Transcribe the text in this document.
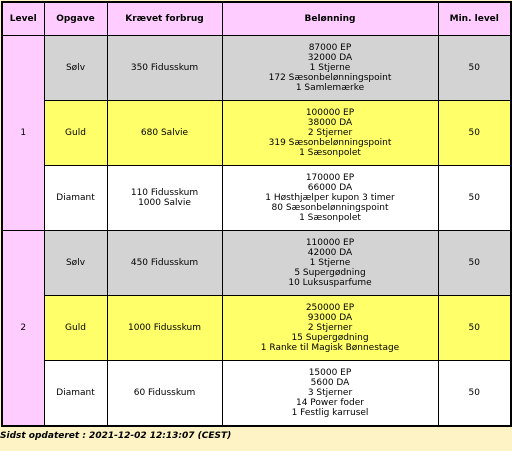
Level	Opgave	Krævet forbrug	Belønning	Min. level
1	Sølv	350 Fidusskum	87000 EP
32000 DA
1 Stjerne
172 Sæsonbelønningspoint
1 Samlemærke	50
	Guld	680 Salvie	100000 EP
38000 DA
2 Stjerner
319 Sæsonbelønningspoint
1 Sæsonpolet	50
	Diamant	110 Fidusskum
1000 Salvie	170000 EP
66000 DA
1 Høsthjælper kupon 3 timer
80 Sæsonbelønningspoint
1 Sæsonpolet	50
2	Sølv	450 Fidusskum	110000 EP
42000 DA
1 Stjerne
5 Supergødning
10 Luksusparfume	50
	Guld	1000 Fidusskum	250000 EP
93000 DA
2 Stjerner
15 Supergødning
1 Ranke til Magisk Bønnestage	50
	Diamant	60 Fidusskum	15000 EP
5600 DA
3 Stjerner
14 Power foder
1 Festlig karrusel	50
Sidst opdateret : 2021-12-02 12:13:07 (CEST)
